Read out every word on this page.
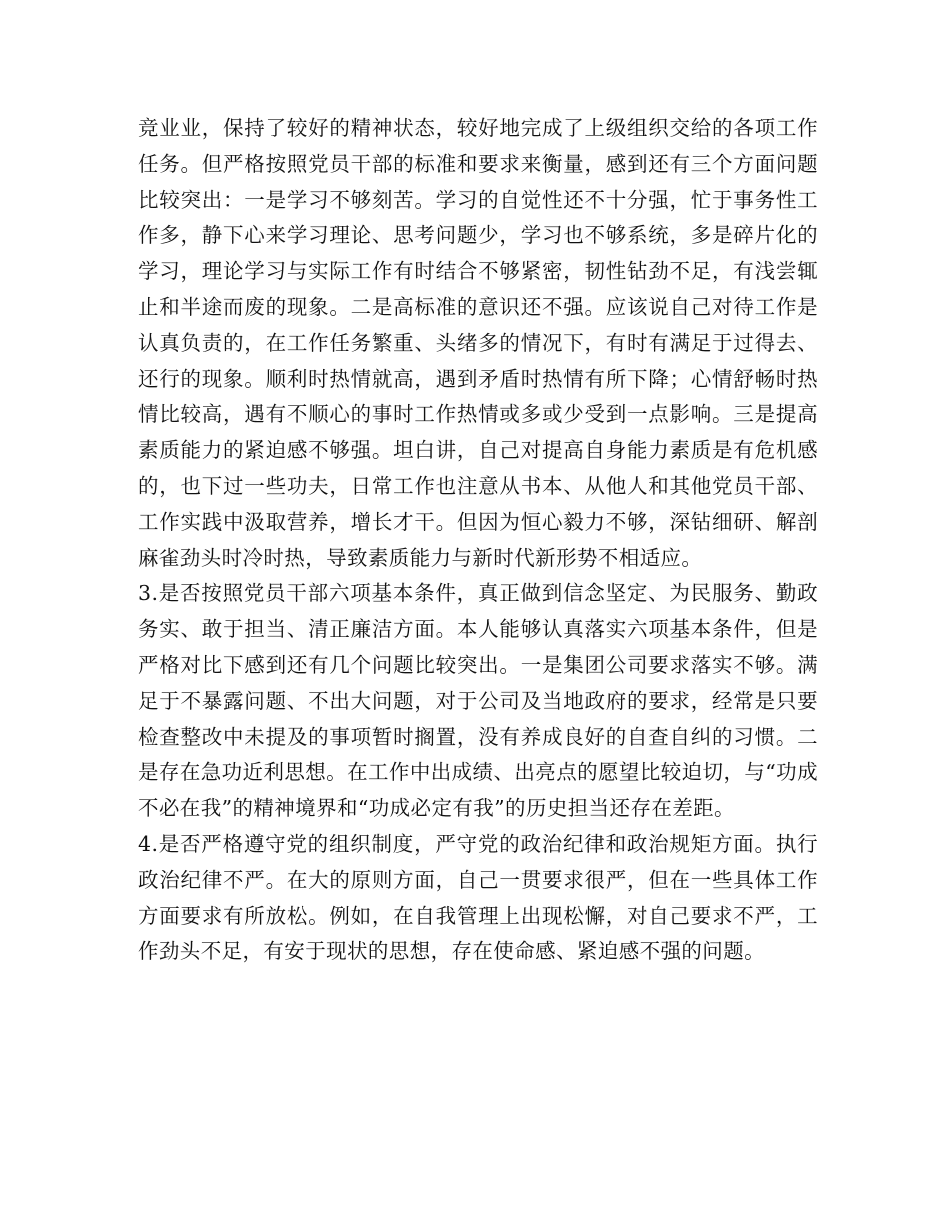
竞业业，保持了较好的精神状态，较好地完成了上级组织交给的各项工作任务。但严格按照党员干部的标准和要求来衡量，感到还有三个方面问题比较突出：一是学习不够刻苦。学习的自觉性还不十分强，忙于事务性工作多，静下心来学习理论、思考问题少，学习也不够系统，多是碎片化的学习，理论学习与实际工作有时结合不够紧密，韧性钻劲不足，有浅尝辄止和半途而废的现象。二是高标准的意识还不强。应该说自己对待工作是认真负责的，在工作任务繁重、头绪多的情况下，有时有满足于过得去、还行的现象。顺利时热情就高，遇到矛盾时热情有所下降；心情舒畅时热情比较高，遇有不顺心的事时工作热情或多或少受到一点影响。三是提高素质能力的紧迫感不够强。坦白讲，自己对提高自身能力素质是有危机感的，也下过一些功夫，日常工作也注意从书本、从他人和其他党员干部、工作实践中汲取营养，增长才干。但因为恒心毅力不够，深钻细研、解剖麻雀劲头时冷时热，导致素质能力与新时代新形势不相适应。

3.是否按照党员干部六项基本条件，真正做到信念坚定、为民服务、勤政务实、敢于担当、清正廉洁方面。本人能够认真落实六项基本条件，但是严格对比下感到还有几个问题比较突出。一是集团公司要求落实不够。满足于不暴露问题、不出大问题，对于公司及当地政府的要求，经常是只要检查整改中未提及的事项暂时搁置，没有养成良好的自查自纠的习惯。二是存在急功近利思想。在工作中出成绩、出亮点的愿望比较迫切，与“功成不必在我”的精神境界和“功成必定有我”的历史担当还存在差距。

4.是否严格遵守党的组织制度，严守党的政治纪律和政治规矩方面。执行政治纪律不严。在大的原则方面，自己一贯要求很严，但在一些具体工作方面要求有所放松。例如，在自我管理上出现松懈，对自己要求不严，工作劲头不足，有安于现状的思想，存在使命感、紧迫感不强的问题。
